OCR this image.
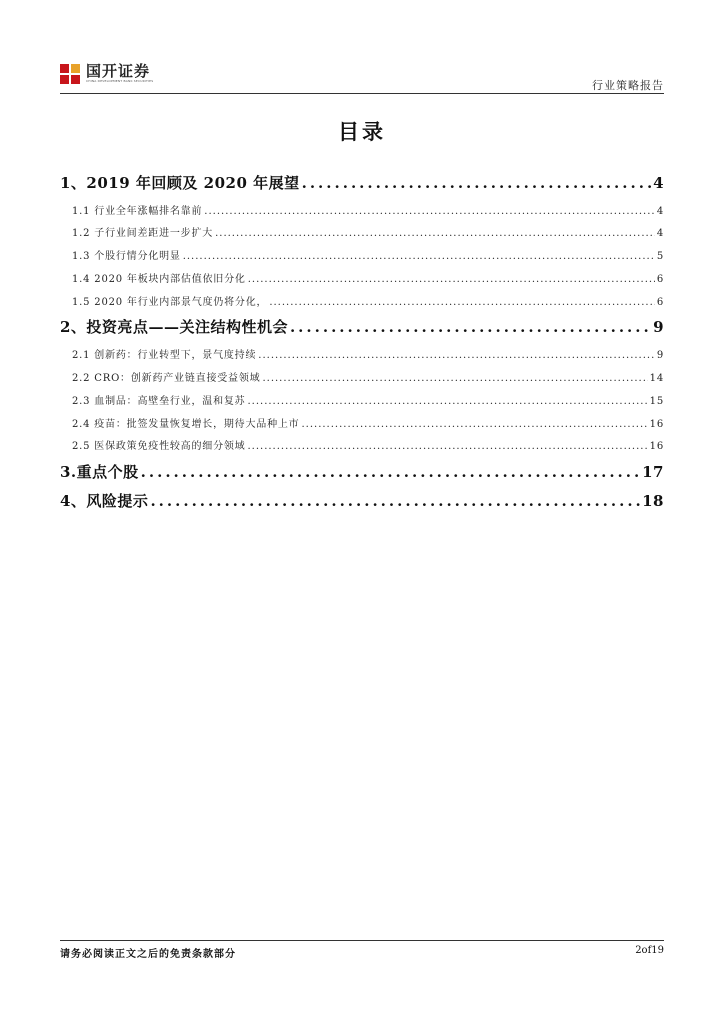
国开证券
CHINA DEVELOPMENT BANK SECURITIES	行业策略报告
目录
1、2019 年回顾及 2020 年展望 .....	4
1.1 行业全年涨幅排名靠前 .....	4
1.2 子行业间差距进一步扩大 .....	4
1.3 个股行情分化明显 .....	5
1.4 2020 年板块内部估值依旧分化 .....	6
1.5 2020 年行业内部景气度仍将分化， .....	6
2、投资亮点——关注结构性机会 .....	9
2.1 创新药：行业转型下，景气度持续 .....	9
2.2 CRO：创新药产业链直接受益领域 .....	14
2.3 血制品：高壁垒行业，温和复苏 .....	15
2.4 疫苗：批签发量恢复增长，期待大品种上市 .....	16
2.5 医保政策免疫性较高的细分领域 .....	16
3.重点个股 .....	17
4、风险提示 .....	18
请务必阅读正文之后的免责条款部分	2of19
